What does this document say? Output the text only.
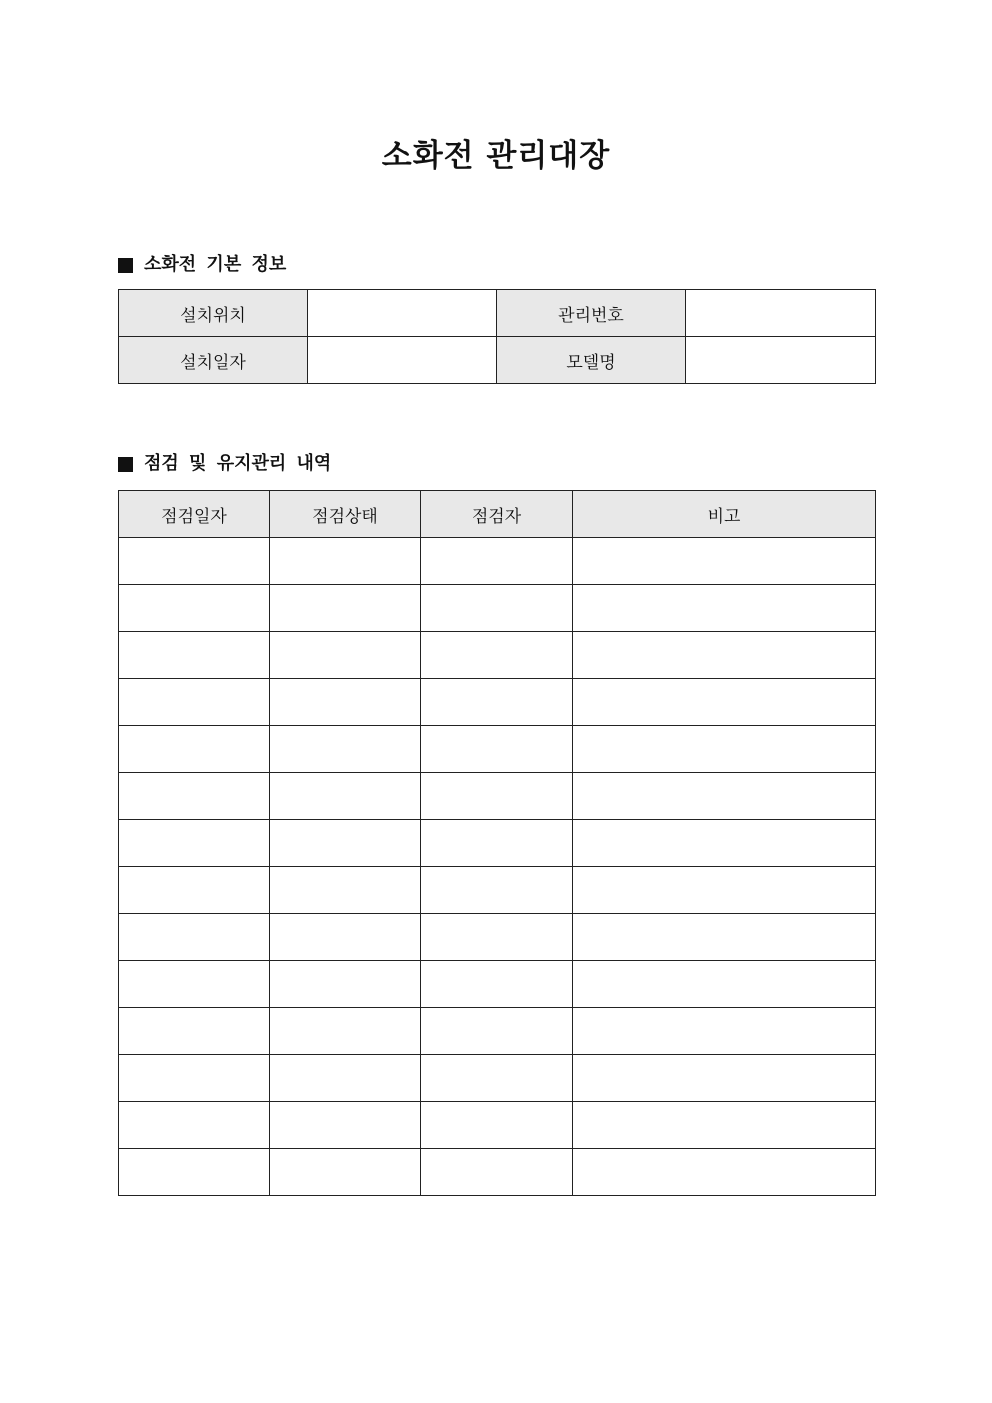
소화전 관리대장
소화전 기본 정보
설치위치		관리번호	
설치일자		모델명	
점검 및 유지관리 내역
점검일자	점검상태	점검자	비고
